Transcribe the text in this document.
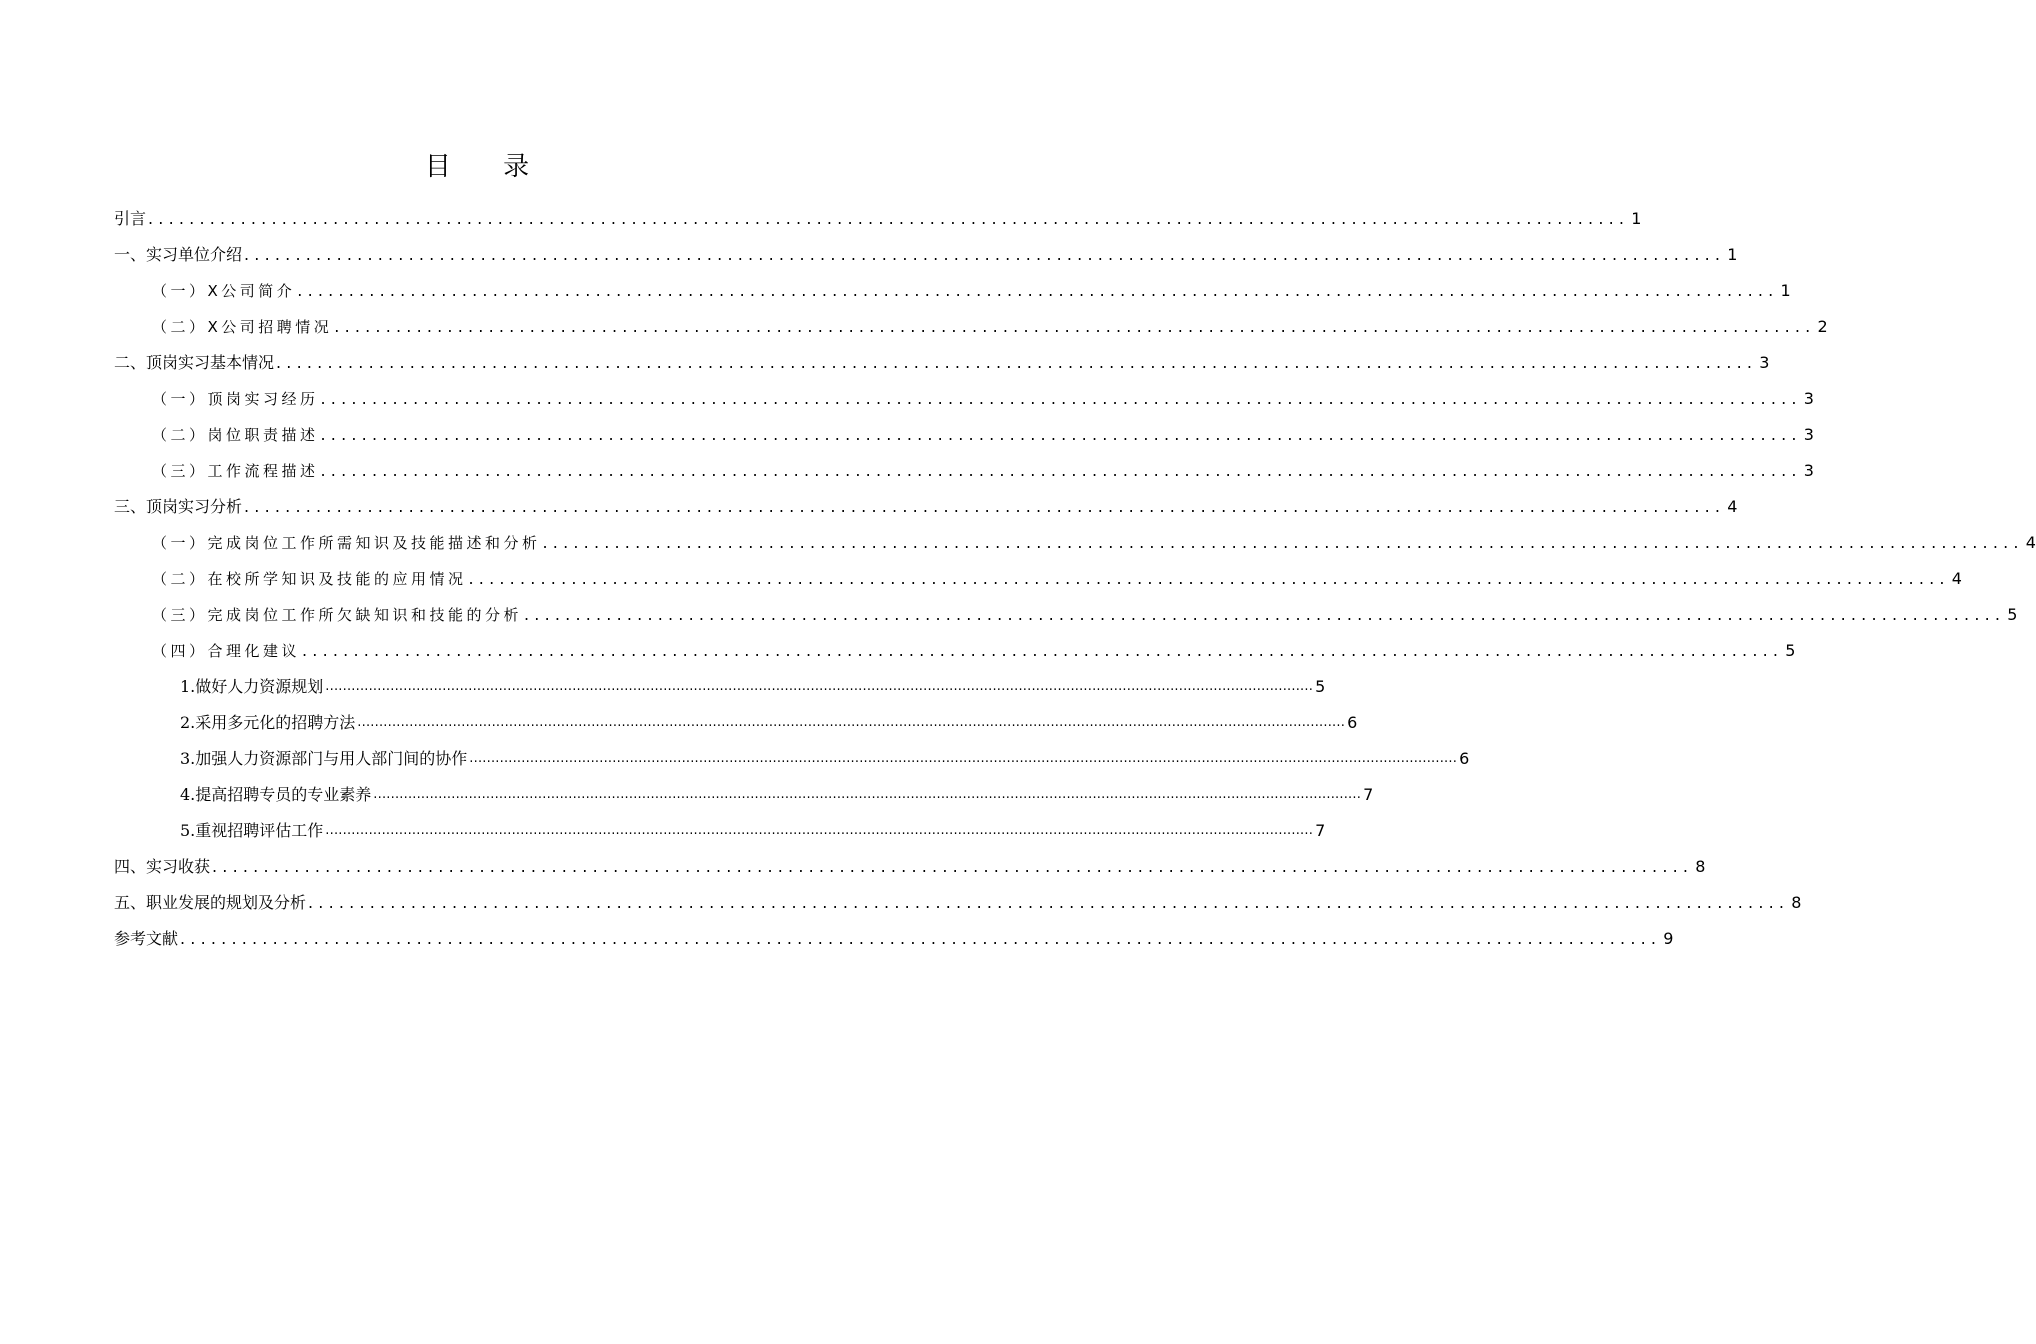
目 录
引言 ................................................................................................................................................ 1
一、实习单位介绍 ................................................................................................................................................ 1
（一）X公司简介 ................................................................................................................................................ 1
（二）X公司招聘情况 ................................................................................................................................................ 2
二、顶岗实习基本情况 ................................................................................................................................................ 3
（一）顶岗实习经历 ................................................................................................................................................ 3
（二）岗位职责描述 ................................................................................................................................................ 3
（三）工作流程描述 ................................................................................................................................................ 3
三、顶岗实习分析 ................................................................................................................................................ 4
（一）完成岗位工作所需知识及技能描述和分析 ................................................................................................................................................ 4
（二）在校所学知识及技能的应用情况 ................................................................................................................................................ 4
（三）完成岗位工作所欠缺知识和技能的分析 ................................................................................................................................................ 5
（四）合理化建议 ................................................................................................................................................ 5
1.做好人力资源规划 .................................................................................................................................................................................................................................... 5
2.采用多元化的招聘方法 .................................................................................................................................................................................................................................... 6
3.加强人力资源部门与用人部门间的协作 .................................................................................................................................................................................................................................... 6
4.提高招聘专员的专业素养 .................................................................................................................................................................................................................................... 7
5.重视招聘评估工作 .................................................................................................................................................................................................................................... 7
四、实习收获 ................................................................................................................................................ 8
五、职业发展的规划及分析 ................................................................................................................................................ 8
参考文献 ................................................................................................................................................ 9
